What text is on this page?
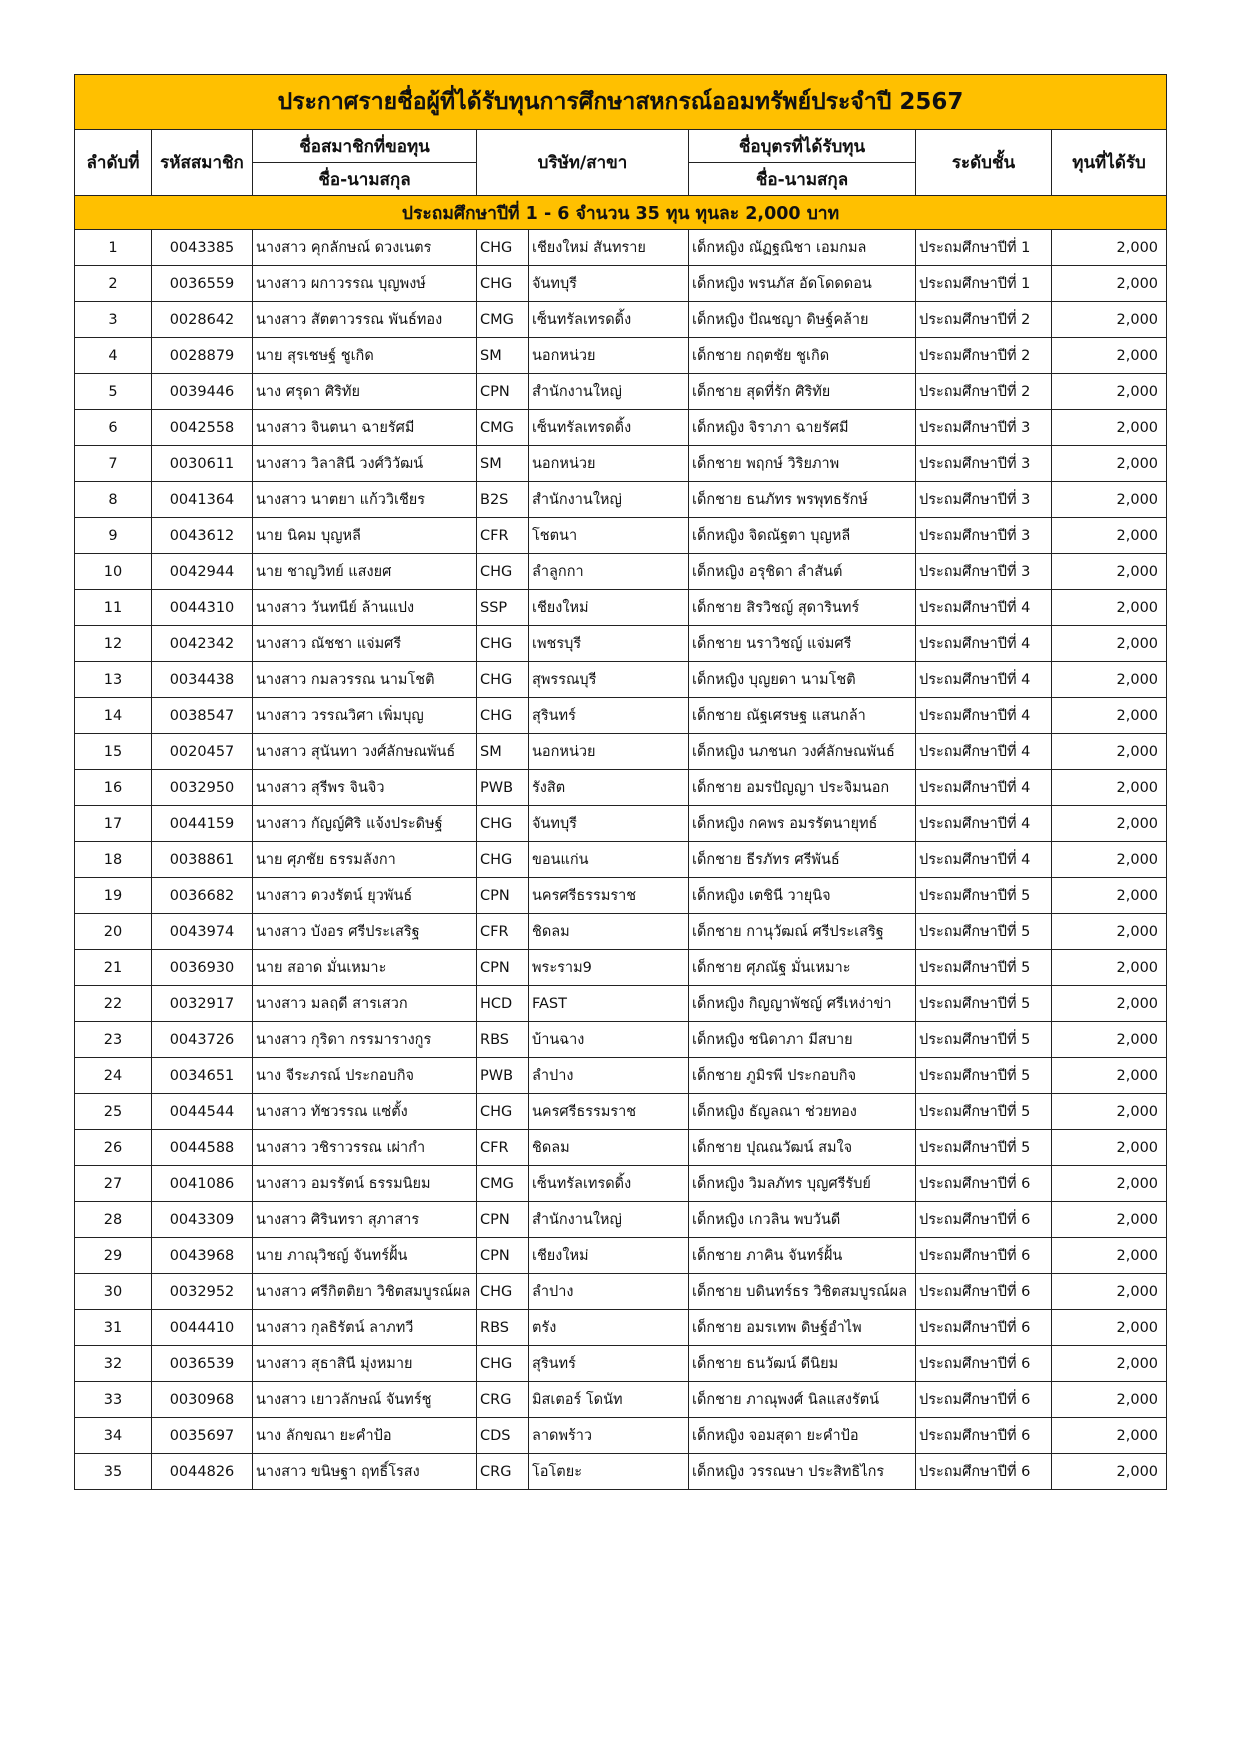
ประกาศรายชื่อผู้ที่ได้รับทุนการศึกษาสหกรณ์ออมทรัพย์ประจำปี 2567							
ลำดับที่	รหัสสมาชิก	ชื่อสมาชิกที่ขอทุน	บริษัท/สาขา		ชื่อบุตรที่ได้รับทุน	ระดับชั้น	ทุนที่ได้รับ
		ชื่อ-นามสกุล			ชื่อ-นามสกุล		
ประถมศึกษาปีที่ 1 - 6 จำนวน 35 ทุน ทุนละ 2,000 บาท							
1	0043385	นางสาว คุกลักษณ์ ดวงเนตร	CHG	เชียงใหม่ สันทราย	เด็กหญิง ณัฏฐณิชา เอมกมล	ประถมศึกษาปีที่ 1	2,000
2	0036559	นางสาว ผกาวรรณ บุญพงษ์	CHG	จันทบุรี	เด็กหญิง พรนภัส อัดโดดดอน	ประถมศึกษาปีที่ 1	2,000
3	0028642	นางสาว สัตตาวรรณ พันธ์ทอง	CMG	เซ็นทรัลเทรดดิ้ง	เด็กหญิง ปัณชญา ดิษฐ์คล้าย	ประถมศึกษาปีที่ 2	2,000
4	0028879	นาย สุรเชษฐ์ ชูเกิด	SM	นอกหน่วย	เด็กชาย กฤตชัย ชูเกิด	ประถมศึกษาปีที่ 2	2,000
5	0039446	นาง ศรุดา ศิริทัย	CPN	สำนักงานใหญ่	เด็กชาย สุดที่รัก ศิริทัย	ประถมศึกษาปีที่ 2	2,000
6	0042558	นางสาว จินตนา ฉายรัศมี	CMG	เซ็นทรัลเทรดดิ้ง	เด็กหญิง จิราภา ฉายรัศมี	ประถมศึกษาปีที่ 3	2,000
7	0030611	นางสาว วิลาสินี วงศ์วิวัฒน์	SM	นอกหน่วย	เด็กชาย พฤกษ์ วิริยภาพ	ประถมศึกษาปีที่ 3	2,000
8	0041364	นางสาว นาตยา แก้ววิเชียร	B2S	สำนักงานใหญ่	เด็กชาย ธนภัทร พรพุทธรักษ์	ประถมศึกษาปีที่ 3	2,000
9	0043612	นาย นิคม บุญหลี	CFR	โชตนา	เด็กหญิง จิดณัฐตา บุญหลี	ประถมศึกษาปีที่ 3	2,000
10	0042944	นาย ชาญวิทย์ แสงยศ	CHG	ลำลูกกา	เด็กหญิง อรุชิดา ลำสันต์	ประถมศึกษาปีที่ 3	2,000
11	0044310	นางสาว วันทนีย์ ล้านแปง	SSP	เชียงใหม่	เด็กชาย สิรวิชญ์ สุดารินทร์	ประถมศึกษาปีที่ 4	2,000
12	0042342	นางสาว ณัชชา แจ่มศรี	CHG	เพชรบุรี	เด็กชาย นราวิชญ์ แจ่มศรี	ประถมศึกษาปีที่ 4	2,000
13	0034438	นางสาว กมลวรรณ นามโชติ	CHG	สุพรรณบุรี	เด็กหญิง บุญยดา นามโชติ	ประถมศึกษาปีที่ 4	2,000
14	0038547	นางสาว วรรณวิศา เพิ่มบุญ	CHG	สุรินทร์	เด็กชาย ณัฐเศรษฐ แสนกล้า	ประถมศึกษาปีที่ 4	2,000
15	0020457	นางสาว สุนันทา วงศ์ลักษณพันธ์	SM	นอกหน่วย	เด็กหญิง นภชนก วงศ์ลักษณพันธ์	ประถมศึกษาปีที่ 4	2,000
16	0032950	นางสาว สุรีพร จินจิว	PWB	รังสิต	เด็กชาย อมรปัญญา ประจิมนอก	ประถมศึกษาปีที่ 4	2,000
17	0044159	นางสาว กัญญ์ศิริ แจ้งประดิษฐ์	CHG	จันทบุรี	เด็กหญิง กคพร อมรรัตนายุทธ์	ประถมศึกษาปีที่ 4	2,000
18	0038861	นาย ศุภชัย ธรรมลังกา	CHG	ขอนแก่น	เด็กชาย ธีรภัทร ศรีพันธ์	ประถมศึกษาปีที่ 4	2,000
19	0036682	นางสาว ดวงรัตน์ ยุวพันธ์	CPN	นครศรีธรรมราช	เด็กหญิง เตชินี วายุนิจ	ประถมศึกษาปีที่ 5	2,000
20	0043974	นางสาว บังอร ศรีประเสริฐ	CFR	ชิดลม	เด็กชาย กานุวัฒณ์ ศรีประเสริฐ	ประถมศึกษาปีที่ 5	2,000
21	0036930	นาย สอาด มั่นเหมาะ	CPN	พระราม9	เด็กชาย ศุภณัฐ มั่นเหมาะ	ประถมศึกษาปีที่ 5	2,000
22	0032917	นางสาว มลฤดี สารเสวก	HCD	FAST	เด็กหญิง กิญญาพัชญ์ ศรีเหง่าข่า	ประถมศึกษาปีที่ 5	2,000
23	0043726	นางสาว กุริดา กรรมารางกูร	RBS	บ้านฉาง	เด็กหญิง ชนิดาภา มีสบาย	ประถมศึกษาปีที่ 5	2,000
24	0034651	นาง จีระภรณ์ ประกอบกิจ	PWB	ลำปาง	เด็กชาย ภูมิรพี ประกอบกิจ	ประถมศึกษาปีที่ 5	2,000
25	0044544	นางสาว ทัชวรรณ แซ่ตั้ง	CHG	นครศรีธรรมราช	เด็กหญิง ธัญลณา ช่วยทอง	ประถมศึกษาปีที่ 5	2,000
26	0044588	นางสาว วชิราวรรณ เผ่ากำ	CFR	ชิดลม	เด็กชาย ปุณณวัฒน์ สมใจ	ประถมศึกษาปีที่ 5	2,000
27	0041086	นางสาว อมรรัตน์ ธรรมนิยม	CMG	เซ็นทรัลเทรดดิ้ง	เด็กหญิง วิมลภัทร บุญศรีรับย์	ประถมศึกษาปีที่ 6	2,000
28	0043309	นางสาว ศิรินทรา สุภาสาร	CPN	สำนักงานใหญ่	เด็กหญิง เกวลิน พบวันดี	ประถมศึกษาปีที่ 6	2,000
29	0043968	นาย ภาณุวิชญ์ จันทร์ฝั้น	CPN	เชียงใหม่	เด็กชาย ภาคิน จันทร์ฝั้น	ประถมศึกษาปีที่ 6	2,000
30	0032952	นางสาว ศรีกิตติยา วิชิตสมบูรณ์ผล	CHG	ลำปาง	เด็กชาย บดินทร์ธร วิชิตสมบูรณ์ผล	ประถมศึกษาปีที่ 6	2,000
31	0044410	นางสาว กุลธิรัตน์ ลาภทวี	RBS	ตรัง	เด็กชาย อมรเทพ ดิษฐ์อำไพ	ประถมศึกษาปีที่ 6	2,000
32	0036539	นางสาว สุธาสินี มุ่งหมาย	CHG	สุรินทร์	เด็กชาย ธนวัฒน์ ดีนิยม	ประถมศึกษาปีที่ 6	2,000
33	0030968	นางสาว เยาวลักษณ์ จันทร์ชู	CRG	มิสเตอร์ โดนัท	เด็กชาย ภาณุพงศ์ นิลแสงรัตน์	ประถมศึกษาปีที่ 6	2,000
34	0035697	นาง ลักขณา ยะคำป้อ	CDS	ลาดพร้าว	เด็กหญิง จอมสุดา ยะคำป้อ	ประถมศึกษาปีที่ 6	2,000
35	0044826	นางสาว ขนิษฐา ฤทธิ์โรสง	CRG	โอโตยะ	เด็กหญิง วรรณษา ประสิทธิไกร	ประถมศึกษาปีที่ 6	2,000
